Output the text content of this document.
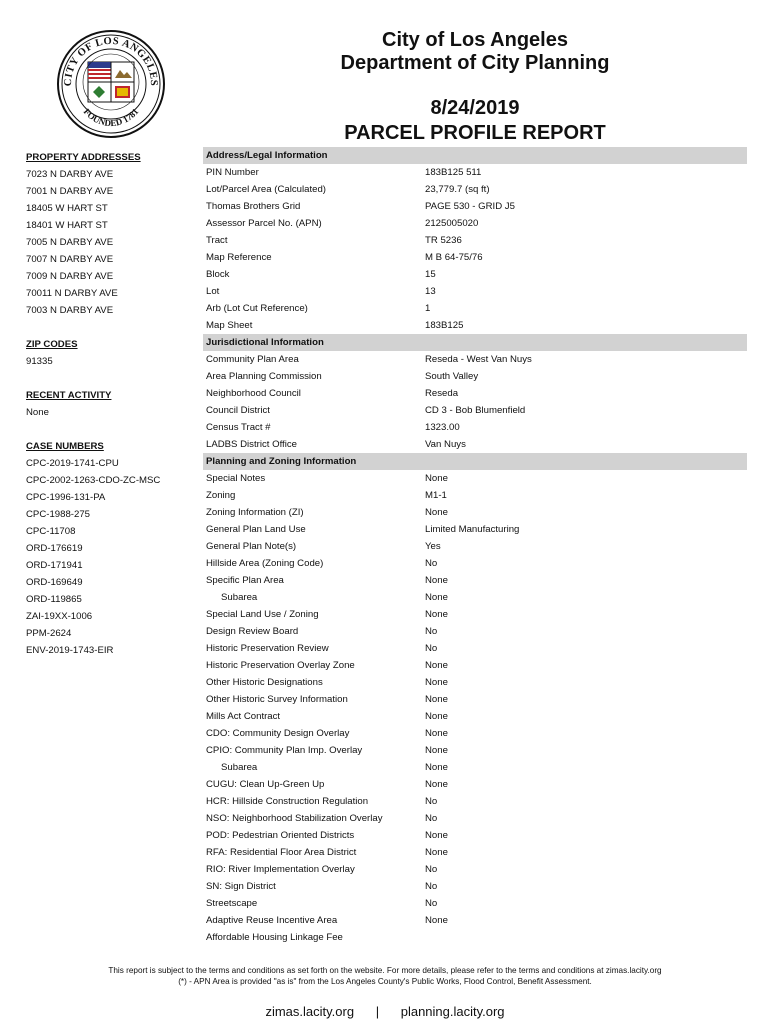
CITY OF LOS ANGELES
FOUNDED 1781
City of Los Angeles
Department of City Planning
8/24/2019
PARCEL PROFILE REPORT
PROPERTY ADDRESSES
7023 N DARBY AVE
7001 N DARBY AVE
18405 W HART ST
18401 W HART ST
7005 N DARBY AVE
7007 N DARBY AVE
7009 N DARBY AVE
70011 N DARBY AVE
7003 N DARBY AVE
ZIP CODES
91335
RECENT ACTIVITY
None
CASE NUMBERS
CPC-2019-1741-CPU
CPC-2002-1263-CDO-ZC-MSC
CPC-1996-131-PA
CPC-1988-275
CPC-11708
ORD-176619
ORD-171941
ORD-169649
ORD-119865
ZAI-19XX-1006
PPM-2624
ENV-2019-1743-EIR
Address/Legal Information
PIN Number	183B125 511
Lot/Parcel Area (Calculated)	23,779.7 (sq ft)
Thomas Brothers Grid	PAGE 530 - GRID J5
Assessor Parcel No. (APN)	2125005020
Tract	TR 5236
Map Reference	M B 64-75/76
Block	15
Lot	13
Arb (Lot Cut Reference)	1
Map Sheet	183B125
Jurisdictional Information
Community Plan Area	Reseda - West Van Nuys
Area Planning Commission	South Valley
Neighborhood Council	Reseda
Council District	CD 3 - Bob Blumenfield
Census Tract #	1323.00
LADBS District Office	Van Nuys
Planning and Zoning Information
Special Notes	None
Zoning	M1-1
Zoning Information (ZI)	None
General Plan Land Use	Limited Manufacturing
General Plan Note(s)	Yes
Hillside Area (Zoning Code)	No
Specific Plan Area	None
Subarea	None
Special Land Use / Zoning	None
Design Review Board	No
Historic Preservation Review	No
Historic Preservation Overlay Zone	None
Other Historic Designations	None
Other Historic Survey Information	None
Mills Act Contract	None
CDO: Community Design Overlay	None
CPIO: Community Plan Imp. Overlay	None
Subarea	None
CUGU: Clean Up-Green Up	None
HCR: Hillside Construction Regulation	No
NSO: Neighborhood Stabilization Overlay	No
POD: Pedestrian Oriented Districts	None
RFA: Residential Floor Area District	None
RIO: River Implementation Overlay	No
SN: Sign District	No
Streetscape	No
Adaptive Reuse Incentive Area	None
Affordable Housing Linkage Fee
This report is subject to the terms and conditions as set forth on the website. For more details, please refer to the terms and conditions at zimas.lacity.org
(*) - APN Area is provided "as is" from the Los Angeles County's Public Works, Flood Control, Benefit Assessment.
zimas.lacity.org | planning.lacity.org
